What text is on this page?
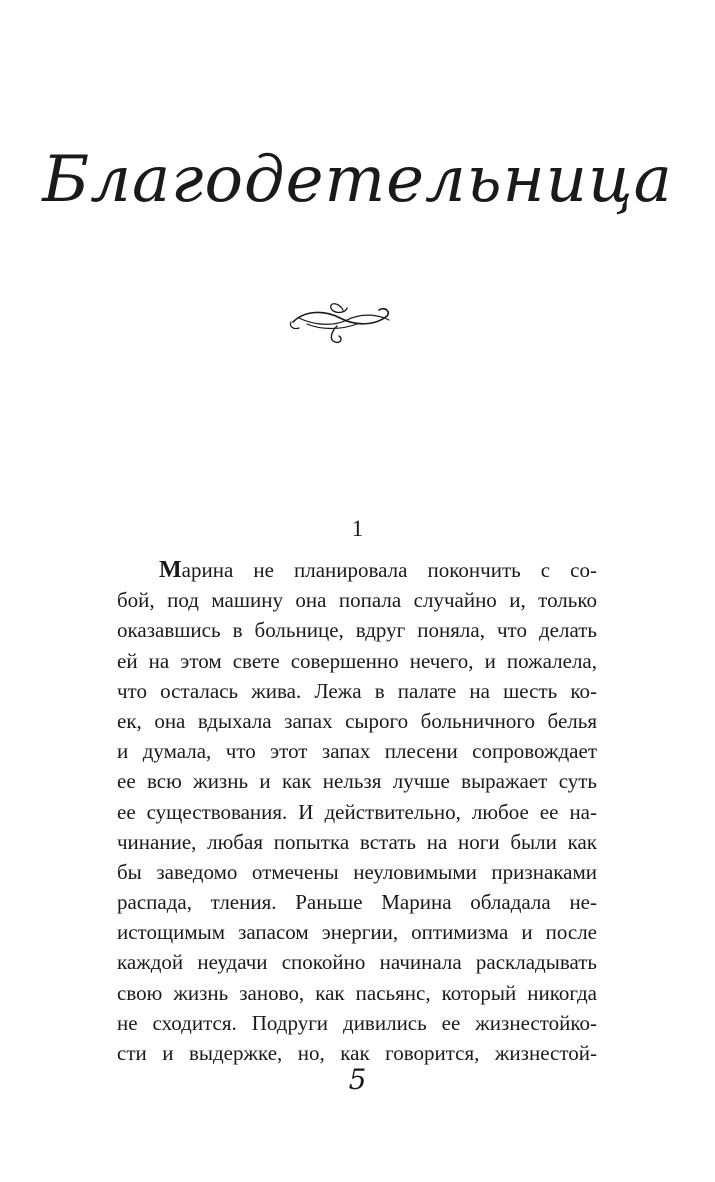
Благодетельница
1
Марина не планировала покончить с со-
бой, под машину она попала случайно и, только
оказавшись в больнице, вдруг поняла, что делать
ей на этом свете совершенно нечего, и пожалела,
что осталась жива. Лежа в палате на шесть ко-
ек, она вдыхала запах сырого больничного белья
и думала, что этот запах плесени сопровождает
ее всю жизнь и как нельзя лучше выражает суть
ее существования. И действительно, любое ее на-
чинание, любая попытка встать на ноги были как
бы заведомо отмечены неуловимыми признаками
распада, тления. Раньше Марина обладала не-
истощимым запасом энергии, оптимизма и после
каждой неудачи спокойно начинала раскладывать
свою жизнь заново, как пасьянс, который никогда
не сходится. Подруги дивились ее жизнестойко-
сти и выдержке, но, как говорится, жизнестой-
5
